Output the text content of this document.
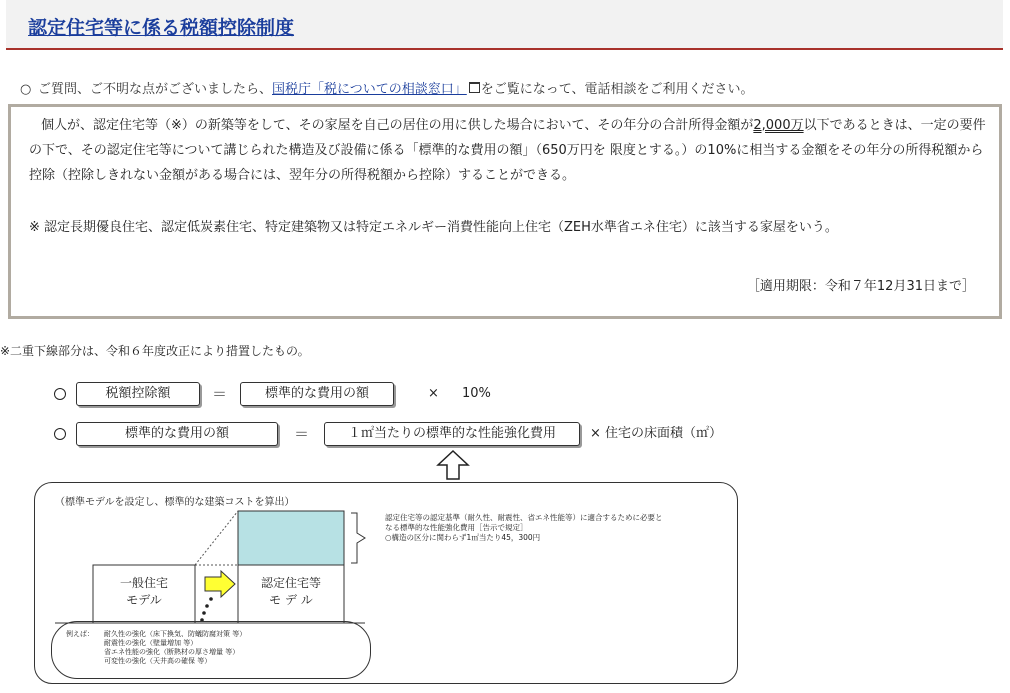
認定住宅等に係る税額控除制度
○ ご質問、ご不明な点がございましたら、国税庁「税についての相談窓口」 をご覧になって、電話相談をご利用ください。

個人が、認定住宅等（※）の新築等をして、その家屋を自己の居住の用に供した場合において、その年分の合計所得金額が2,000万以下であるときは、一定の要件の下で、その認定住宅等について講じられた構造及び設備に係る「標準的な費用の額」（650万円を 限度とする。）の10%に相当する金額をその年分の所得税額から控除（控除しきれない金額がある場合には、翌年分の所得税額から控除）することができる。

※ 認定長期優良住宅、認定低炭素住宅、特定建築物又は特定エネルギー消費性能向上住宅（ZEH水準省エネ住宅）に該当する家屋をいう。

［適用期限：令和７年12月31日まで］
※二重下線部分は、令和６年度改正により措置したもの。
税額控除額	＝	標準的な費用の額	× 10%
標準的な費用の額	＝	１㎡当たりの標準的な性能強化費用	× 住宅の床面積（㎡）
（標準モデルを設定し、標準的な建築コストを算出）
認定住宅等の認定基準（耐久性、耐震性、省エネ性能等）に適合するために必要と
なる標準的な性能強化費用［告示で規定］
○構造の区分に関わらず1㎡当たり45，300円
一般住宅
モデル
認定住宅等
モ デ ル
例えば： 耐久性の強化（床下換気、防蟻防腐対策 等）
耐震性の強化（壁量増加 等）
省エネ性能の強化（断熱材の厚さ増量 等）
可変性の強化（天井高の確保 等）
